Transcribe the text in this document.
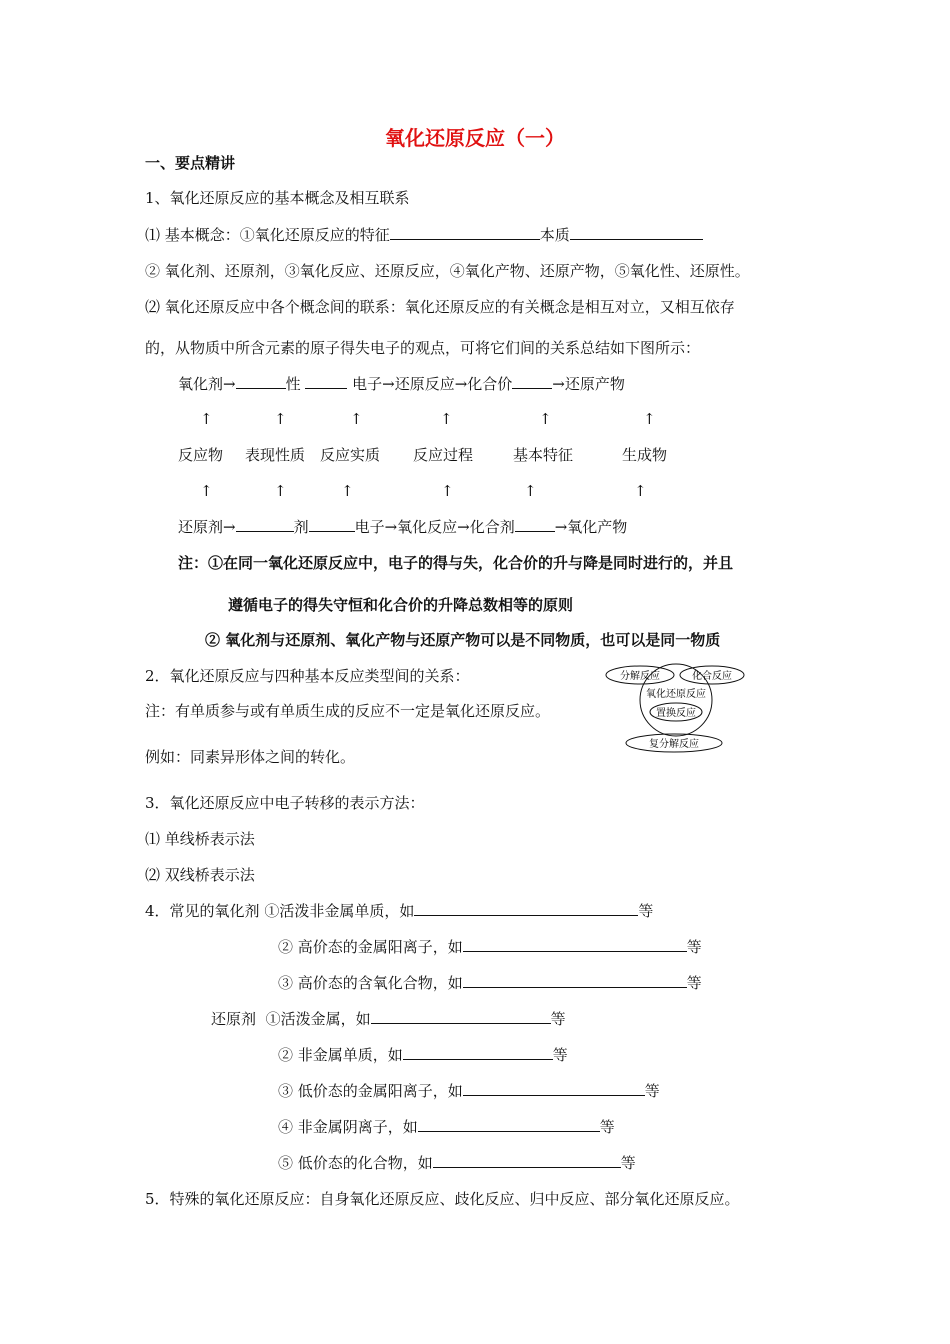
氧化还原反应（一）
一、要点精讲
1、氧化还原反应的基本概念及相互联系
⑴ 基本概念：①氧化还原反应的特征	本质
② 氧化剂、还原剂，③氧化反应、还原反应，④氧化产物、还原产物，⑤氧化性、还原性。
⑵ 氧化还原反应中各个概念间的联系：氧化还原反应的有关概念是相互对立，又相互依存
的，从物质中所含元素的原子得失电子的观点，可将它们间的关系总结如下图所示：
氧化剂→	性	电子→还原反应→化合价	→还原产物
↑	↑	↑	↑	↑	↑
反应物 表现性质 反应实质 反应过程	基本特征	生成物
↑	↑	↑	↑	↑	↑
还原剂→	剂	电子→氧化反应→化合剂	→氧化产物
注：①在同一氧化还原反应中，电子的得与失，化合价的升与降是同时进行的，并且
遵循电子的得失守恒和化合价的升降总数相等的原则
② 氧化剂与还原剂、氧化产物与还原产物可以是不同物质，也可以是同一物质
2．氧化还原反应与四种基本反应类型间的关系：
注：有单质参与或有单质生成的反应不一定是氧化还原反应。
例如：同素异形体之间的转化。
分解反应	化合反应
氧化还原反应
置换反应
复分解反应
3．氧化还原反应中电子转移的表示方法：
⑴ 单线桥表示法
⑵ 双线桥表示法
4．常见的氧化剂 ①活泼非金属单质，如	等
② 高价态的金属阳离子，如	等
③ 高价态的含氧化合物，如	等
还原剂 ①活泼金属，如	等
② 非金属单质，如	等
③ 低价态的金属阳离子，如	等
④ 非金属阴离子，如	等
⑤ 低价态的化合物，如	等
5．特殊的氧化还原反应：自身氧化还原反应、歧化反应、归中反应、部分氧化还原反应。
